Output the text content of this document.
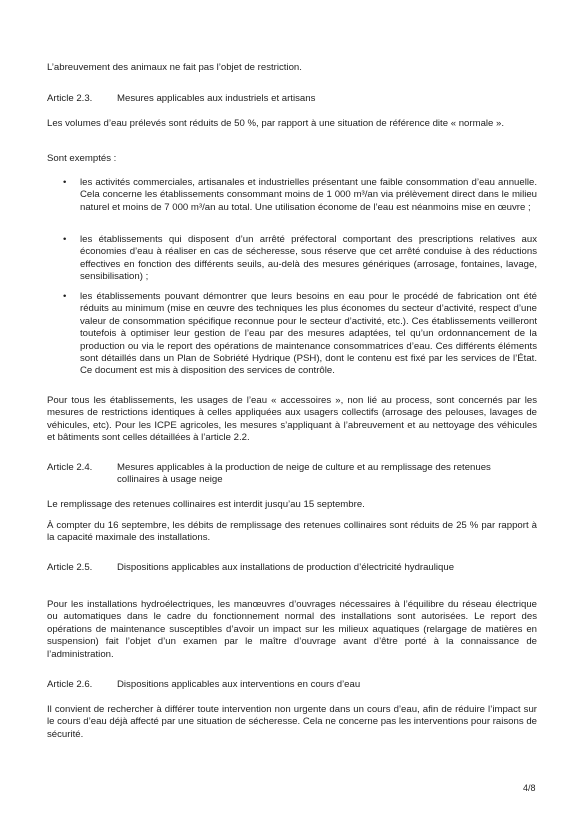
L’abreuvement des animaux ne fait pas l’objet de restriction.
Article 2.3.	Mesures applicables aux industriels et artisans
Les volumes d’eau prélevés sont réduits de 50 %, par rapport à une situation de référence dite « normale ».
Sont exemptés :
• les activités commerciales, artisanales et industrielles présentant une faible consommation d’eau annuelle. Cela concerne les établissements consommant moins de 1 000 m³/an via prélèvement direct dans le milieu naturel et moins de 7 000 m³/an au total. Une utilisation économe de l’eau est néanmoins mise en œuvre ;
• les établissements qui disposent d’un arrêté préfectoral comportant des prescriptions relatives aux économies d’eau à réaliser en cas de sécheresse, sous réserve que cet arrêté conduise à des réductions effectives en fonction des différents seuils, au-delà des mesures génériques (arrosage, fontaines, lavage, sensibilisation) ;
• les établissements pouvant démontrer que leurs besoins en eau pour le procédé de fabrication ont été réduits au minimum (mise en œuvre des techniques les plus économes du secteur d’activité, respect d’une valeur de consommation spécifique reconnue pour le secteur d’activité, etc.). Ces établissements veilleront toutefois à optimiser leur gestion de l’eau par des mesures adaptées, tel qu’un ordonnancement de la production ou via le report des opérations de maintenance consommatrices d’eau. Ces différents éléments sont détaillés dans un Plan de Sobriété Hydrique (PSH), dont le contenu est fixé par les services de l’État. Ce document est mis à disposition des services de contrôle.
Pour tous les établissements, les usages de l’eau « accessoires », non lié au process, sont concernés par les mesures de restrictions identiques à celles appliquées aux usagers collectifs (arrosage des pelouses, lavages de véhicules, etc). Pour les ICPE agricoles, les mesures s’appliquant à l’abreuvement et au nettoyage des véhicules et bâtiments sont celles détaillées à l’article 2.2.
Article 2.4.	Mesures applicables à la production de neige de culture et au remplissage des retenues collinaires à usage neige
Le remplissage des retenues collinaires est interdit jusqu’au 15 septembre.
À compter du 16 septembre, les débits de remplissage des retenues collinaires sont réduits de 25 % par rapport à la capacité maximale des installations.
Article 2.5.	Dispositions applicables aux installations de production d’électricité hydraulique
Pour les installations hydroélectriques, les manœuvres d’ouvrages nécessaires à l’équilibre du réseau électrique ou automatiques dans le cadre du fonctionnement normal des installations sont autorisées. Le report des opérations de maintenance susceptibles d’avoir un impact sur les milieux aquatiques (relargage de matières en suspension) fait l’objet d’un examen par le maître d’ouvrage avant d’être porté à la connaissance de l’administration.
Article 2.6.	Dispositions applicables aux interventions en cours d’eau
Il convient de rechercher à différer toute intervention non urgente dans un cours d’eau, afin de réduire l’impact sur le cours d’eau déjà affecté par une situation de sécheresse. Cela ne concerne pas les interventions pour raisons de sécurité.
4/8
